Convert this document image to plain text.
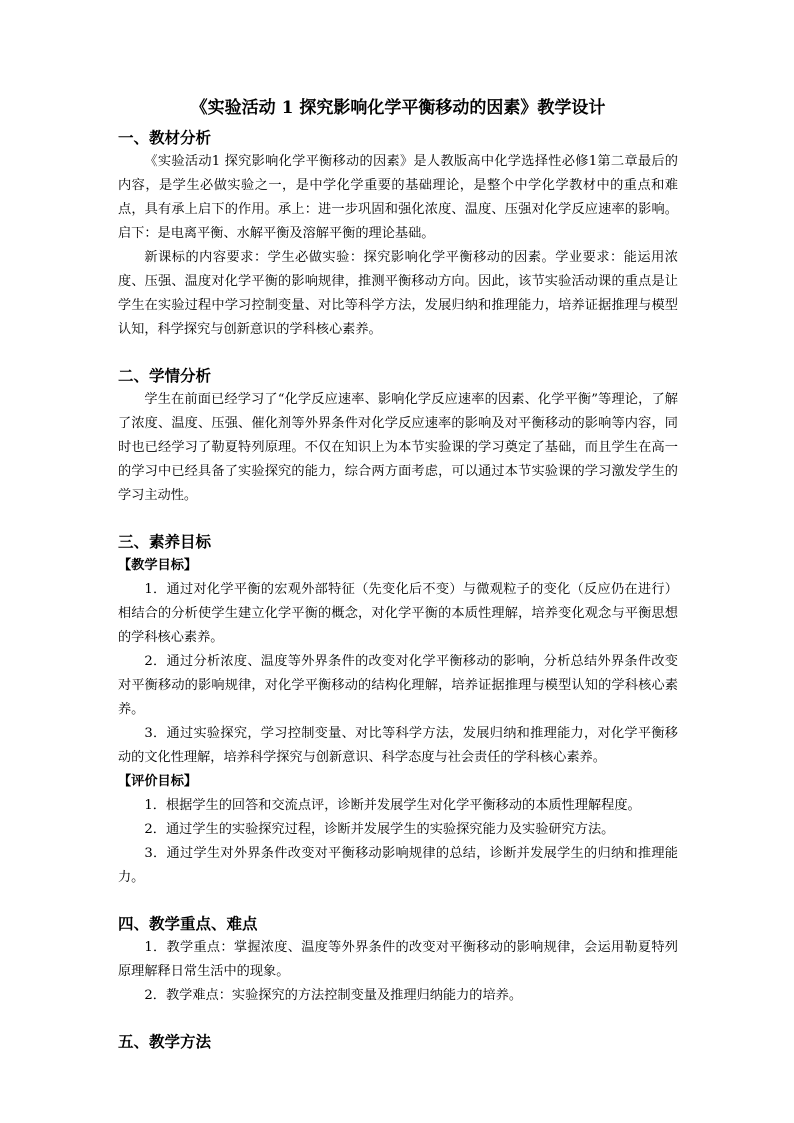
《实验活动 1 探究影响化学平衡移动的因素》教学设计
一、教材分析
《实验活动1 探究影响化学平衡移动的因素》是人教版高中化学选择性必修1第二章最后的内容，是学生必做实验之一，是中学化学重要的基础理论，是整个中学化学教材中的重点和难点，具有承上启下的作用。承上：进一步巩固和强化浓度、温度、压强对化学反应速率的影响。启下：是电离平衡、水解平衡及溶解平衡的理论基础。
新课标的内容要求：学生必做实验：探究影响化学平衡移动的因素。学业要求：能运用浓度、压强、温度对化学平衡的影响规律，推测平衡移动方向。因此，该节实验活动课的重点是让学生在实验过程中学习控制变量、对比等科学方法，发展归纳和推理能力，培养证据推理与模型认知，科学探究与创新意识的学科核心素养。
二、学情分析
学生在前面已经学习了“化学反应速率、影响化学反应速率的因素、化学平衡”等理论，了解了浓度、温度、压强、催化剂等外界条件对化学反应速率的影响及对平衡移动的影响等内容，同时也已经学习了勒夏特列原理。不仅在知识上为本节实验课的学习奠定了基础，而且学生在高一的学习中已经具备了实验探究的能力，综合两方面考虑，可以通过本节实验课的学习激发学生的学习主动性。
三、素养目标
【教学目标】
1．通过对化学平衡的宏观外部特征（先变化后不变）与微观粒子的变化（反应仍在进行）相结合的分析使学生建立化学平衡的概念，对化学平衡的本质性理解，培养变化观念与平衡思想的学科核心素养。
2．通过分析浓度、温度等外界条件的改变对化学平衡移动的影响，分析总结外界条件改变对平衡移动的影响规律，对化学平衡移动的结构化理解，培养证据推理与模型认知的学科核心素养。
3．通过实验探究，学习控制变量、对比等科学方法，发展归纳和推理能力，对化学平衡移动的文化性理解，培养科学探究与创新意识、科学态度与社会责任的学科核心素养。
【评价目标】
1．根据学生的回答和交流点评，诊断并发展学生对化学平衡移动的本质性理解程度。
2．通过学生的实验探究过程，诊断并发展学生的实验探究能力及实验研究方法。
3．通过学生对外界条件改变对平衡移动影响规律的总结，诊断并发展学生的归纳和推理能力。
四、教学重点、难点
1．教学重点：掌握浓度、温度等外界条件的改变对平衡移动的影响规律，会运用勒夏特列原理解释日常生活中的现象。
2．教学难点：实验探究的方法控制变量及推理归纳能力的培养。
五、教学方法
